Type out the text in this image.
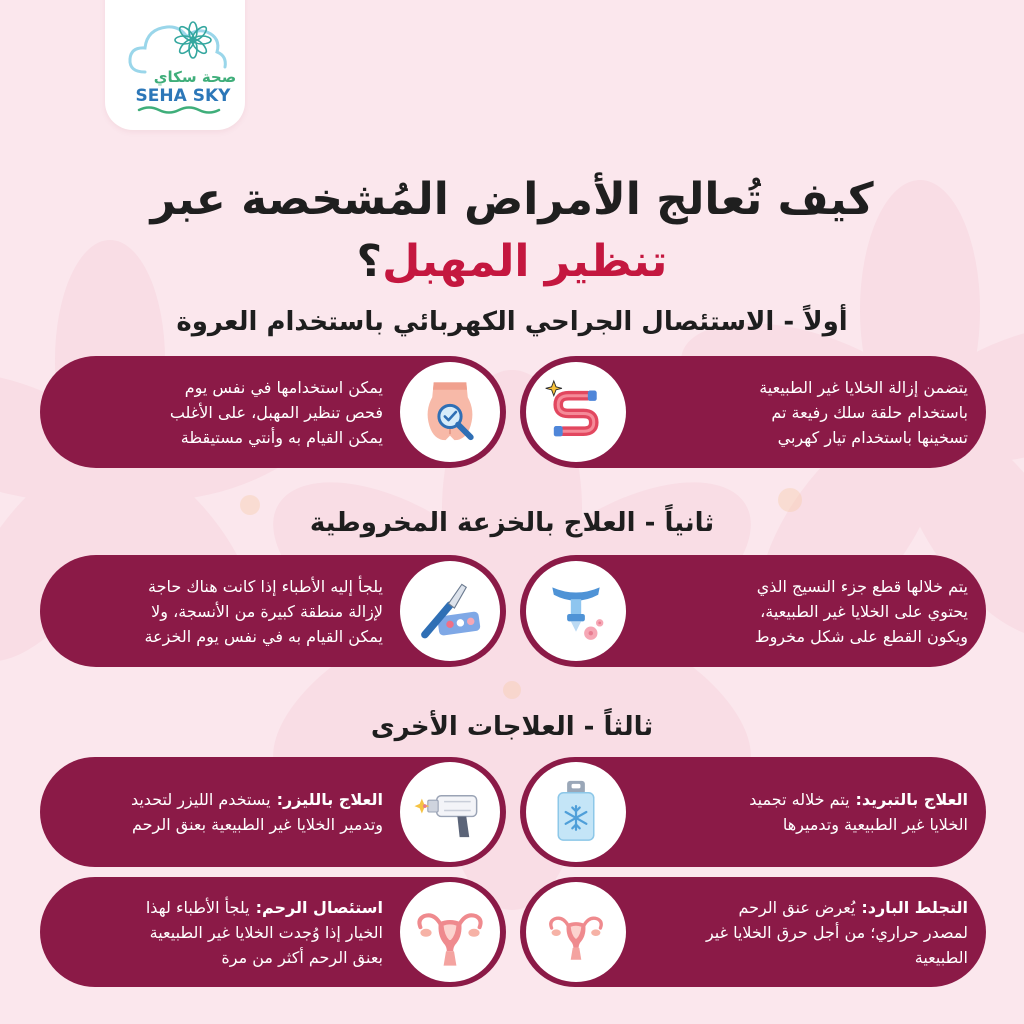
صحة سكاي
SEHA SKY
كيف تُعالج الأمراض المُشخصة عبر
تنظير المهبل؟
أولاً - الاستئصال الجراحي الكهربائي باستخدام العروة
يتضمن إزالة الخلايا غير الطبيعية
باستخدام حلقة سلك رفيعة تم
تسخينها باستخدام تيار كهربي
يمكن استخدامها في نفس يوم
فحص تنظير المهبل، على الأغلب
يمكن القيام به وأنتي مستيقظة
ثانياً - العلاج بالخزعة المخروطية
يتم خلالها قطع جزء النسيج الذي
يحتوي على الخلايا غير الطبيعية،
ويكون القطع على شكل مخروط
يلجأ إليه الأطباء إذا كانت هناك حاجة
لإزالة منطقة كبيرة من الأنسجة، ولا
يمكن القيام به في نفس يوم الخزعة
ثالثاً - العلاجات الأخرى
العلاج بالتبريد:يتم خلاله تجميد
الخلايا غير الطبيعية وتدميرها
العلاج بالليزر:يستخدم الليزر لتحديد
وتدمير الخلايا غير الطبيعية بعنق الرحم
التجلط البارد:يُعرض عنق الرحم
لمصدر حراري؛ من أجل حرق الخلايا غير
الطبيعية
استئصال الرحم:يلجأ الأطباء لهذا
الخيار إذا وُجدت الخلايا غير الطبيعية
بعنق الرحم أكثر من مرة
